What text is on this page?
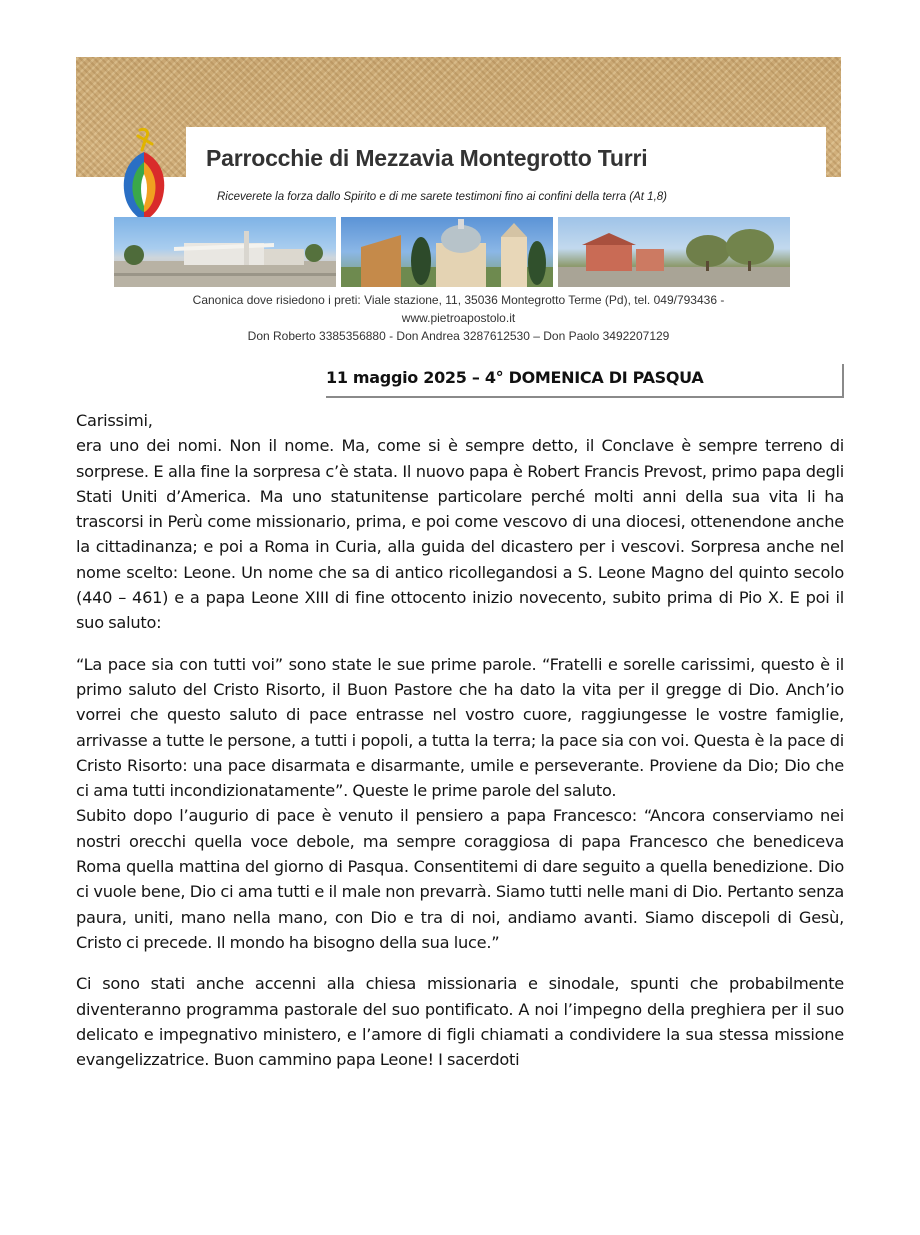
Parrocchie di Mezzavia Montegrotto Turri
Riceverete la forza dallo Spirito e di me sarete testimoni fino ai confini della terra (At 1,8)
Canonica dove risiedono i preti: Viale stazione, 11, 35036 Montegrotto Terme (Pd), tel. 049/793436 -
www.pietroapostolo.it
Don Roberto 3385356880 - Don Andrea 3287612530 – Don Paolo 3492207129
11 maggio 2025 – 4° DOMENICA DI PASQUA

Carissimi,

era uno dei nomi. Non il nome. Ma, come si è sempre detto, il Conclave è sempre terreno di sorprese. E alla fine la sorpresa c’è stata. Il nuovo papa è Robert Francis Prevost, primo papa degli Stati Uniti d’America. Ma uno statunitense particolare perché molti anni della sua vita li ha trascorsi in Perù come missionario, prima, e poi come vescovo di una diocesi, ottenendone anche la cittadinanza; e poi a Roma in Curia, alla guida del dicastero per i vescovi. Sorpresa anche nel nome scelto: Leone. Un nome che sa di antico ricollegandosi a S. Leone Magno del quinto secolo (440 – 461) e a papa Leone XIII di fine ottocento inizio novecento, subito prima di Pio X. E poi il suo saluto:

“La pace sia con tutti voi” sono state le sue prime parole. “Fratelli e sorelle carissimi, questo è il primo saluto del Cristo Risorto, il Buon Pastore che ha dato la vita per il gregge di Dio. Anch’io vorrei che questo saluto di pace entrasse nel vostro cuore, raggiungesse le vostre famiglie, arrivasse a tutte le persone, a tutti i popoli, a tutta la terra; la pace sia con voi. Questa è la pace di Cristo Risorto: una pace disarmata e disarmante, umile e perseverante. Proviene da Dio; Dio che ci ama tutti incondizionatamente”. Queste le prime parole del saluto.

Subito dopo l’augurio di pace è venuto il pensiero a papa Francesco: “Ancora conserviamo nei nostri orecchi quella voce debole, ma sempre coraggiosa di papa Francesco che benediceva Roma quella mattina del giorno di Pasqua. Consentitemi di dare seguito a quella benedizione. Dio ci vuole bene, Dio ci ama tutti e il male non prevarrà. Siamo tutti nelle mani di Dio. Pertanto senza paura, uniti, mano nella mano, con Dio e tra di noi, andiamo avanti. Siamo discepoli di Gesù, Cristo ci precede. Il mondo ha bisogno della sua luce.”

Ci sono stati anche accenni alla chiesa missionaria e sinodale, spunti che probabilmente diventeranno programma pastorale del suo pontificato. A noi l’impegno della preghiera per il suo delicato e impegnativo ministero, e l’amore di figli chiamati a condividere la sua stessa missione evangelizzatrice. Buon cammino papa Leone! I sacerdoti
